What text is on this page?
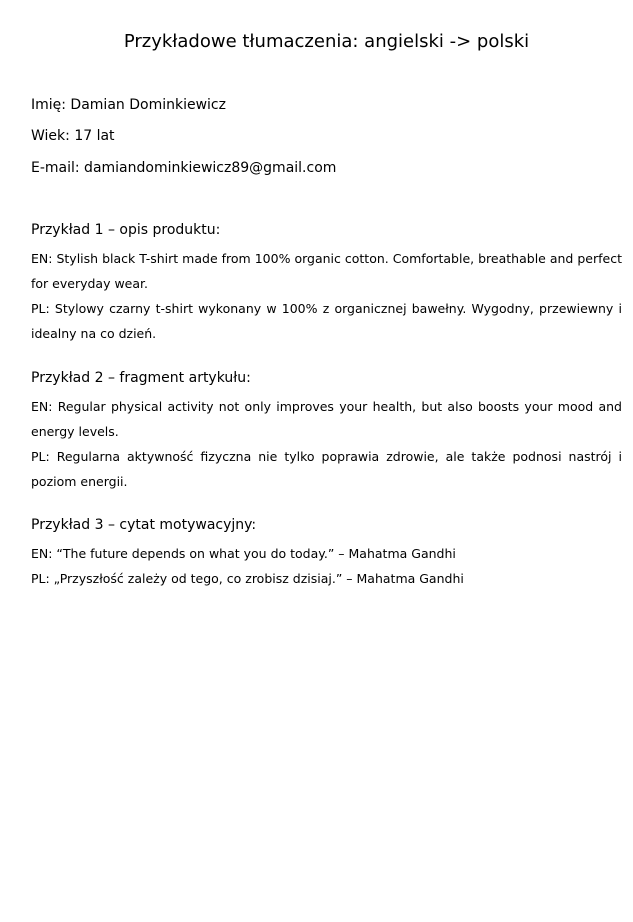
Przykładowe tłumaczenia: angielski -> polski
Imię: Damian Dominkiewicz
Wiek: 17 lat
E-mail: damiandominkiewicz89@gmail.com
Przykład 1 – opis produktu:
EN: Stylish black T-shirt made from 100% organic cotton. Comfortable, breathable and perfect for everyday wear.
PL: Stylowy czarny t-shirt wykonany w 100% z organicznej bawełny. Wygodny, przewiewny i idealny na co dzień.
Przykład 2 – fragment artykułu:
EN: Regular physical activity not only improves your health, but also boosts your mood and energy levels.
PL: Regularna aktywność fizyczna nie tylko poprawia zdrowie, ale także podnosi nastrój i poziom energii.
Przykład 3 – cytat motywacyjny:
EN: “The future depends on what you do today.” – Mahatma Gandhi
PL: „Przyszłość zależy od tego, co zrobisz dzisiaj.” – Mahatma Gandhi
